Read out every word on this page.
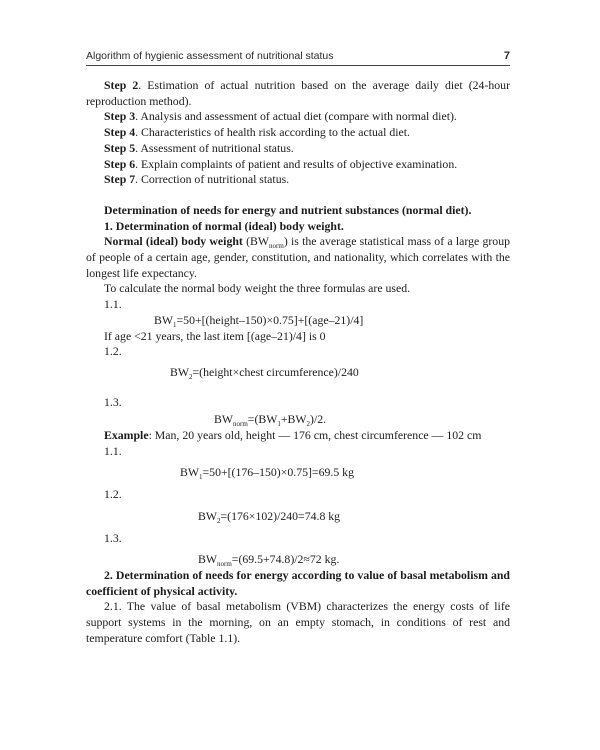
Algorithm of hygienic assessment of nutritional status	7

Step 2. Estimation of actual nutrition based on the average daily diet (24-hour reproduction method).

Step 3. Analysis and assessment of actual diet (compare with normal diet).

Step 4. Characteristics of health risk according to the actual diet.

Step 5. Assessment of nutritional status.

Step 6. Explain complaints of patient and results of objective examination.

Step 7. Correction of nutritional status.

Determination of needs for energy and nutrient substances (normal diet).

1. Determination of normal (ideal) body weight.

Normal (ideal) body weight $(BW_{norm})$ is the average statistical mass of a large group of people of a certain age, gender, constitution, and nationality, which correlates with the longest life expectancy.

To calculate the normal body weight the three formulas are used.

1.1.

$BW_1=50+[(height-150)\times 0.75]+[(age-21)/4]$

If age <21 years, the last item [(age–21)/4] is 0

1.2.

$BW_2=(height\times chest$ circumference)/240

1.3.

$BW_{norm}=(BW_1+BW_2)/2$.

Example: Man, 20 years old, height — 176 cm, chest circumference — 102 cm

1.1.

$BW_1=50+[(176-150)\times 0.75]=69.5$ kg

1.2.

$BW_2=(176\times 102)/240=74.8$ kg

1.3.

$BW_{norm}=(69.5+74.8)/2\approx 72$ kg.

2. Determination of needs for energy according to value of basal metabolism and coefficient of physical activity.

2.1. The value of basal metabolism (VBM) characterizes the energy costs of life support systems in the morning, on an empty stomach, in conditions of rest and temperature comfort (Table 1.1).
